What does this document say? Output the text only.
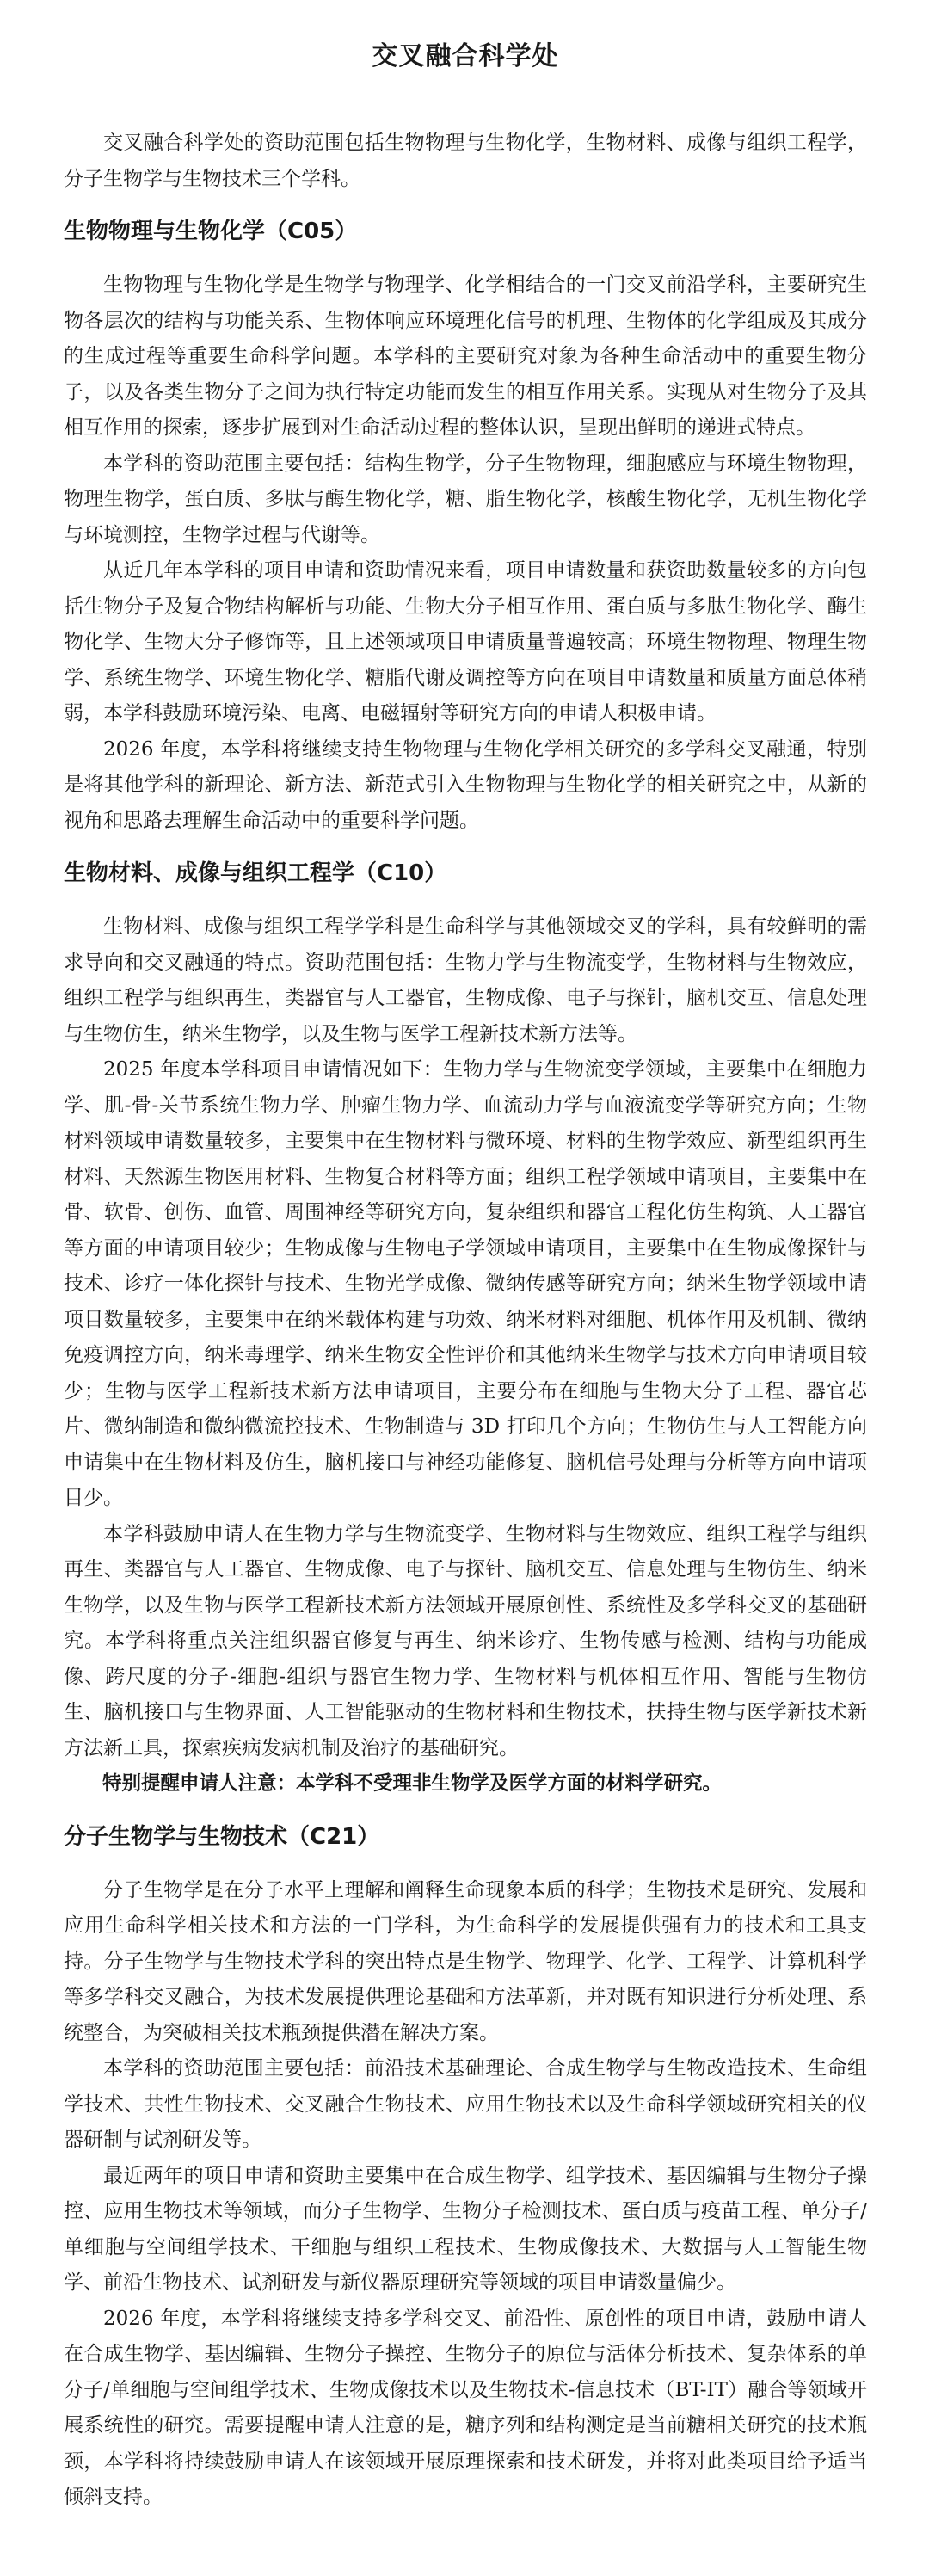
交叉融合科学处

交叉融合科学处的资助范围包括生物物理与生物化学，生物材料、成像与组织工程学，分子生物学与生物技术三个学科。

生物物理与生物化学（C05）

生物物理与生物化学是生物学与物理学、化学相结合的一门交叉前沿学科，主要研究生物各层次的结构与功能关系、生物体响应环境理化信号的机理、生物体的化学组成及其成分的生成过程等重要生命科学问题。本学科的主要研究对象为各种生命活动中的重要生物分子，以及各类生物分子之间为执行特定功能而发生的相互作用关系。实现从对生物分子及其相互作用的探索，逐步扩展到对生命活动过程的整体认识，呈现出鲜明的递进式特点。

本学科的资助范围主要包括：结构生物学，分子生物物理，细胞感应与环境生物物理，物理生物学，蛋白质、多肽与酶生物化学，糖、脂生物化学，核酸生物化学，无机生物化学与环境测控，生物学过程与代谢等。

从近几年本学科的项目申请和资助情况来看，项目申请数量和获资助数量较多的方向包括生物分子及复合物结构解析与功能、生物大分子相互作用、蛋白质与多肽生物化学、酶生物化学、生物大分子修饰等，且上述领域项目申请质量普遍较高；环境生物物理、物理生物学、系统生物学、环境生物化学、糖脂代谢及调控等方向在项目申请数量和质量方面总体稍弱，本学科鼓励环境污染、电离、电磁辐射等研究方向的申请人积极申请。

2026 年度，本学科将继续支持生物物理与生物化学相关研究的多学科交叉融通，特别是将其他学科的新理论、新方法、新范式引入生物物理与生物化学的相关研究之中，从新的视角和思路去理解生命活动中的重要科学问题。

生物材料、成像与组织工程学（C10）

生物材料、成像与组织工程学学科是生命科学与其他领域交叉的学科，具有较鲜明的需求导向和交叉融通的特点。资助范围包括：生物力学与生物流变学，生物材料与生物效应，组织工程学与组织再生，类器官与人工器官，生物成像、电子与探针，脑机交互、信息处理与生物仿生，纳米生物学，以及生物与医学工程新技术新方法等。

2025 年度本学科项目申请情况如下：生物力学与生物流变学领域，主要集中在细胞力学、肌-骨-关节系统生物力学、肿瘤生物力学、血流动力学与血液流变学等研究方向；生物材料领域申请数量较多，主要集中在生物材料与微环境、材料的生物学效应、新型组织再生材料、天然源生物医用材料、生物复合材料等方面；组织工程学领域申请项目，主要集中在骨、软骨、创伤、血管、周围神经等研究方向，复杂组织和器官工程化仿生构筑、人工器官等方面的申请项目较少；生物成像与生物电子学领域申请项目，主要集中在生物成像探针与技术、诊疗一体化探针与技术、生物光学成像、微纳传感等研究方向；纳米生物学领域申请项目数量较多，主要集中在纳米载体构建与功效、纳米材料对细胞、机体作用及机制、微纳免疫调控方向，纳米毒理学、纳米生物安全性评价和其他纳米生物学与技术方向申请项目较少；生物与医学工程新技术新方法申请项目，主要分布在细胞与生物大分子工程、器官芯片、微纳制造和微纳微流控技术、生物制造与 3D 打印几个方向；生物仿生与人工智能方向申请集中在生物材料及仿生，脑机接口与神经功能修复、脑机信号处理与分析等方向申请项目少。

本学科鼓励申请人在生物力学与生物流变学、生物材料与生物效应、组织工程学与组织再生、类器官与人工器官、生物成像、电子与探针、脑机交互、信息处理与生物仿生、纳米生物学，以及生物与医学工程新技术新方法领域开展原创性、系统性及多学科交叉的基础研究。本学科将重点关注组织器官修复与再生、纳米诊疗、生物传感与检测、结构与功能成像、跨尺度的分子-细胞-组织与器官生物力学、生物材料与机体相互作用、智能与生物仿生、脑机接口与生物界面、人工智能驱动的生物材料和生物技术，扶持生物与医学新技术新方法新工具，探索疾病发病机制及治疗的基础研究。

特别提醒申请人注意：本学科不受理非生物学及医学方面的材料学研究。

分子生物学与生物技术（C21）

分子生物学是在分子水平上理解和阐释生命现象本质的科学；生物技术是研究、发展和应用生命科学相关技术和方法的一门学科，为生命科学的发展提供强有力的技术和工具支持。分子生物学与生物技术学科的突出特点是生物学、物理学、化学、工程学、计算机科学等多学科交叉融合，为技术发展提供理论基础和方法革新，并对既有知识进行分析处理、系统整合，为突破相关技术瓶颈提供潜在解决方案。

本学科的资助范围主要包括：前沿技术基础理论、合成生物学与生物改造技术、生命组学技术、共性生物技术、交叉融合生物技术、应用生物技术以及生命科学领域研究相关的仪器研制与试剂研发等。

最近两年的项目申请和资助主要集中在合成生物学、组学技术、基因编辑与生物分子操控、应用生物技术等领域，而分子生物学、生物分子检测技术、蛋白质与疫苗工程、单分子/单细胞与空间组学技术、干细胞与组织工程技术、生物成像技术、大数据与人工智能生物学、前沿生物技术、试剂研发与新仪器原理研究等领域的项目申请数量偏少。

2026 年度，本学科将继续支持多学科交叉、前沿性、原创性的项目申请，鼓励申请人在合成生物学、基因编辑、生物分子操控、生物分子的原位与活体分析技术、复杂体系的单分子/单细胞与空间组学技术、生物成像技术以及生物技术-信息技术（BT-IT）融合等领域开展系统性的研究。需要提醒申请人注意的是，糖序列和结构测定是当前糖相关研究的技术瓶颈，本学科将持续鼓励申请人在该领域开展原理探索和技术研发，并将对此类项目给予适当倾斜支持。
